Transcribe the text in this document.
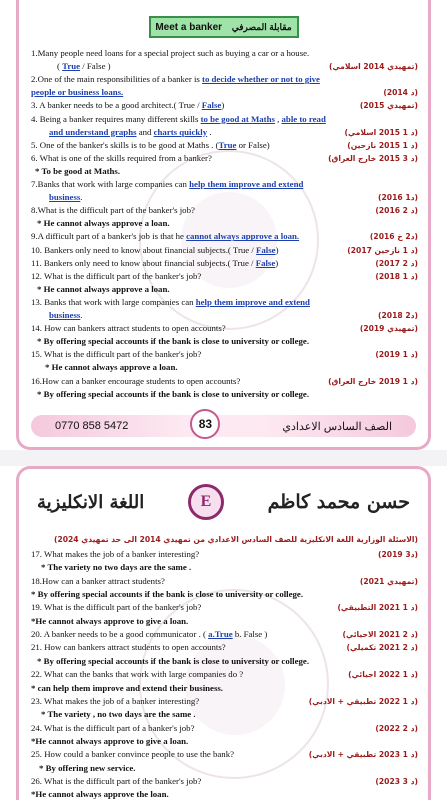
Meet a banker مقابلة المصرفي
1.Many people need loans for a special project such as buying a car or a house.
( True / False )	(تمهيدي 2014 اسلامي)
2.One of the main responsibilities of a banker is to decide whether or not to give
people or business loans.	(د 2014)
3. A banker needs to be a good architect.( True / False)	(تمهيدي 2015)
4. Being a banker requires many different skills to be good at Maths , able to read
and understand graphs and charts quickly .	(د 1 2015 اسلامي)
5. One of the banker's skills is to be good at Maths . (True or False)	(د 1 2015 نازحين)
6. What is one of the skills required from a banker?	(د 3 2015 خارج العراق)
* To be good at Maths.
7.Banks that work with large companies can help them improve and extend
business.	(د1 2016)
8.What is the difficult part of the banker's job?	(د 2 2016)
* He cannot always approve a loan.
9.A difficult part of a banker's job is that he cannot always approve a loan.	(د2 خ 2016)
10. Bankers only need to know about financial subjects.( True / False)	(د 1 نازحين 2017)
11. Bankers only need to know about financial subjects.( True / False)	(د 2 2017)
12. What is the difficult part of the banker's job?	(د 1 2018)
* He cannot always approve a loan.
13. Banks that work with large companies can help them improve and extend
business.	(د2 2018)
14. How can bankers attract students to open accounts?	(تمهيدي 2019)
* By offering special accounts if the bank is close to university or college.
15. What is the difficult part of the banker's job?	(د 1 2019)
* He cannot always approve a loan.
16.How can a banker encourage students to open accounts?	(د 1 2019 خارج العراق)
* By offering special accounts if the bank is close to university or college.
0770 858 5472	83	الصف السادس الاعدادي
اللغة الانكليزية	E	حسن محمد كاظم
(الاسئلة الوزارية اللغة الانكليزية للصف السادس الاعدادي من تمهيدي 2014 الى حد تمهيدي 2024)
17. What makes the job of a banker interesting?	(د3 2019)
* The variety no two days are the same .
18.How can a banker attract students?	(تمهيدي 2021)
* By offering special accounts if the bank is close to university or college.
19. What is the difficult part of the banker's job?	(د 1 2021 التطبيقي)
*He cannot always approve to give a loan.
20. A banker needs to be a good communicator . ( a.True b. False )	(د 2 2021 الاحيائي)
21. How can bankers attract students to open accounts?	(د 2 2021 تكميلي)
* By offering special accounts if the bank is close to university or college.
22. What can the banks that work with large companies do ?	(د 1 2022 احيائي)
* can help them improve and extend their business.
23. What makes the job of a banker interesting?	(د 1 2022 تطبيقي + الادبي)
* The variety , no two days are the same .
24. What is the difficult part of a banker's job?	(د 2 2022)
*He cannot always approve to give a loan.
25. How could a banker convince people to use the bank?	(د 1 2023 تطبيقي + الادبي)
* By offering new service.
26. What is the difficult part of the banker's job?	(د 3 2023)
*He cannot always approve the loan.
